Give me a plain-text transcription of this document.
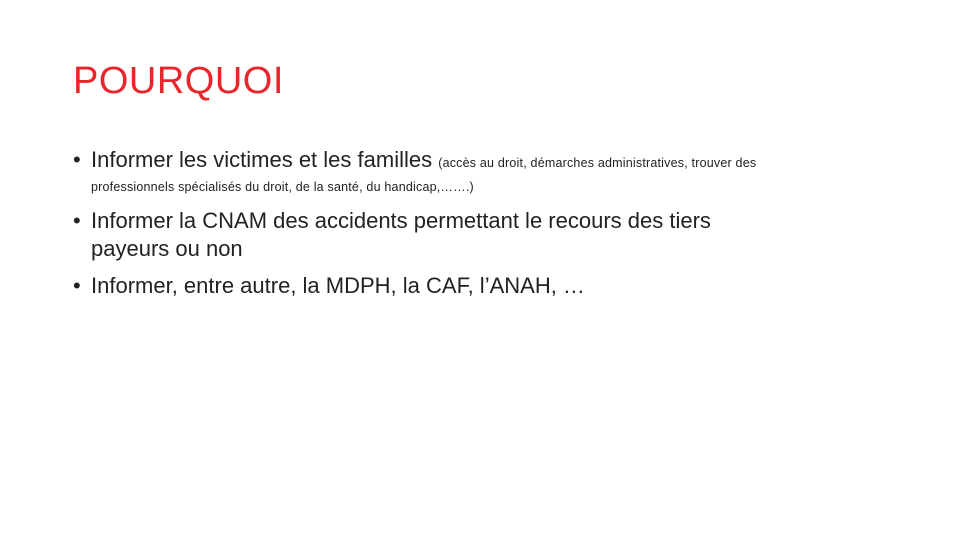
POURQUOI
• Informer les victimes et les familles (accès au droit, démarches administratives, trouver des
professionnels spécialisés du droit, de la santé, du handicap,…….)
• Informer la CNAM des accidents permettant le recours des tiers
payeurs ou non
• Informer, entre autre, la MDPH, la CAF, l’ANAH, …
